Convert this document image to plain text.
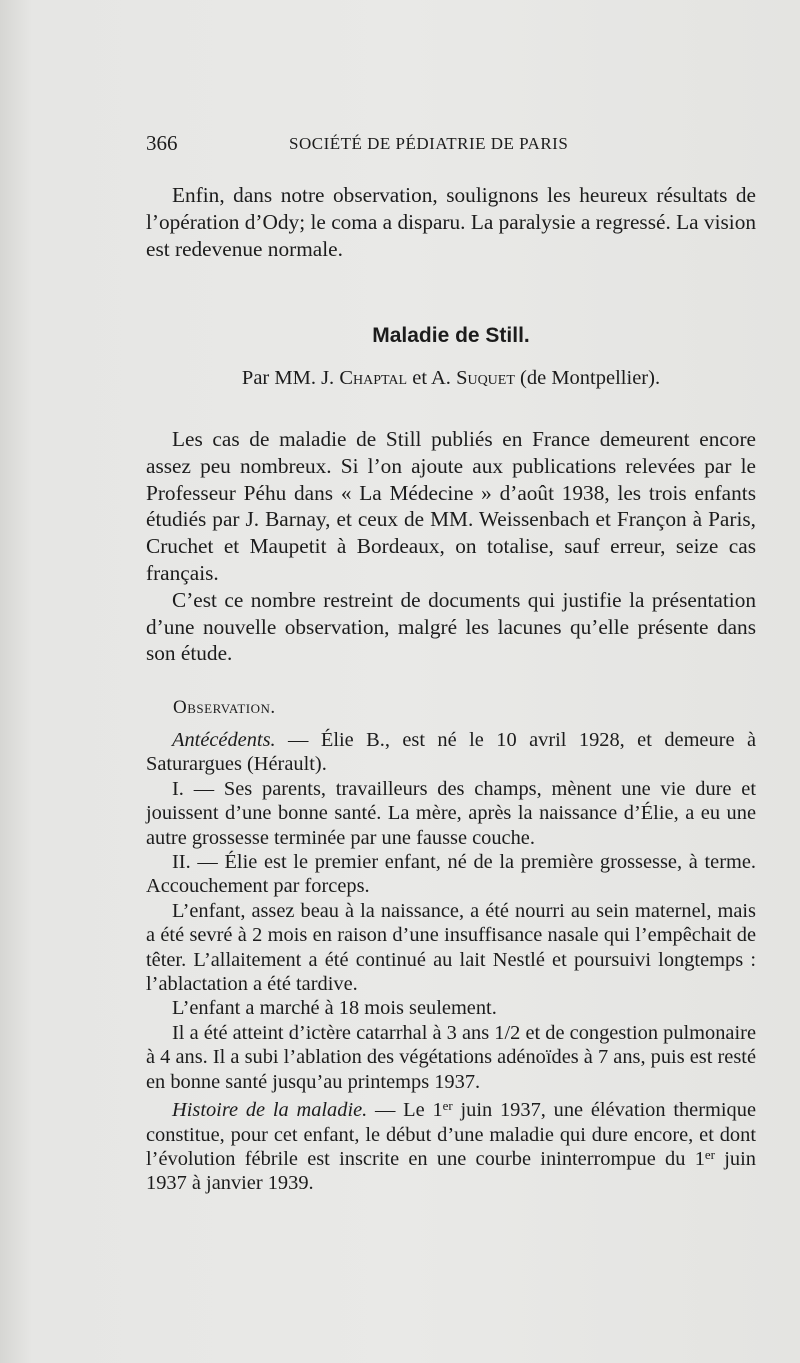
366	SOCIÉTÉ DE PÉDIATRIE DE PARIS

Enfin, dans notre observation, soulignons les heureux résultats de l’opération d’Ody; le coma a disparu. La paralysie a regressé. La vision est redevenue normale.

Maladie de Still.
Par MM. J. Chaptal et A. Suquet (de Montpellier).

Les cas de maladie de Still publiés en France demeurent encore assez peu nombreux. Si l’on ajoute aux publications relevées par le Professeur Péhu dans « La Médecine » d’août 1938, les trois enfants étudiés par J. Barnay, et ceux de MM. Weissenbach et Françon à Paris, Cruchet et Maupetit à Bordeaux, on totalise, sauf erreur, seize cas français.

C’est ce nombre restreint de documents qui justifie la présentation d’une nouvelle observation, malgré les lacunes qu’elle présente dans son étude.

Observation.

Antécédents. — Élie B., est né le 10 avril 1928, et demeure à Saturargues (Hérault).

I. — Ses parents, travailleurs des champs, mènent une vie dure et jouissent d’une bonne santé. La mère, après la naissance d’Élie, a eu une autre grossesse terminée par une fausse couche.

II. — Élie est le premier enfant, né de la première grossesse, à terme. Accouchement par forceps.

L’enfant, assez beau à la naissance, a été nourri au sein maternel, mais a été sevré à 2 mois en raison d’une insuffisance nasale qui l’empêchait de têter. L’allaitement a été continué au lait Nestlé et poursuivi longtemps : l’ablactation a été tardive.

L’enfant a marché à 18 mois seulement.

Il a été atteint d’ictère catarrhal à 3 ans 1/2 et de congestion pulmonaire à 4 ans. Il a subi l’ablation des végétations adénoïdes à 7 ans, puis est resté en bonne santé jusqu’au printemps 1937.

Histoire de la maladie. — Le 1er juin 1937, une élévation thermique constitue, pour cet enfant, le début d’une maladie qui dure encore, et dont l’évolution fébrile est inscrite en une courbe ininterrompue du 1er juin 1937 à janvier 1939.
